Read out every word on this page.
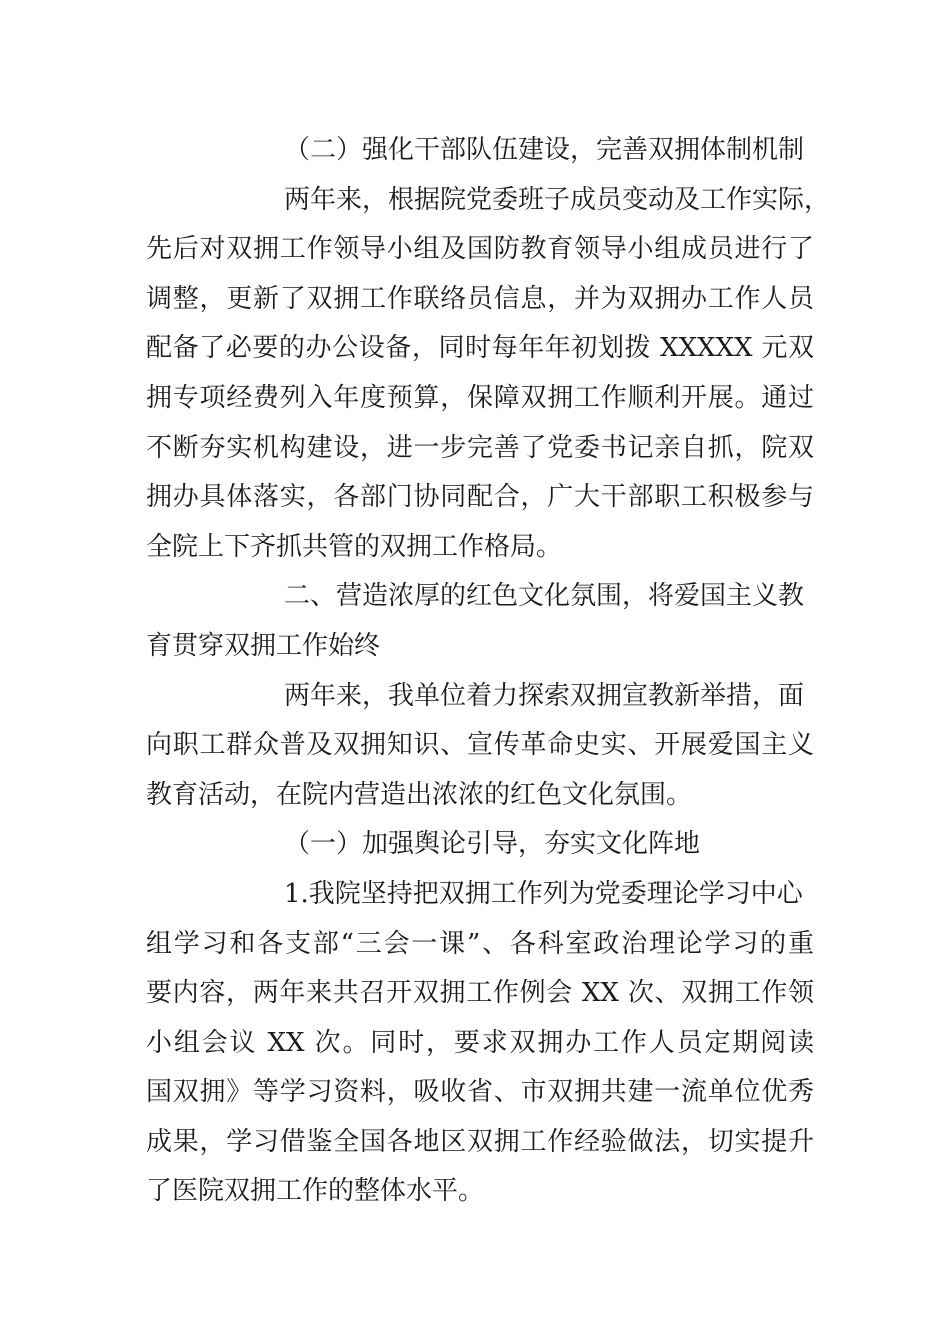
（二）强化干部队伍建设，完善双拥体制机制
两年来，根据院党委班子成员变动及工作实际，
先后对双拥工作领导小组及国防教育领导小组成员进行了
调整，更新了双拥工作联络员信息，并为双拥办工作人员
配备了必要的办公设备，同时每年年初划拨 XXXXX 元双
拥专项经费列入年度预算，保障双拥工作顺利开展。通过
不断夯实机构建设，进一步完善了党委书记亲自抓，院双
拥办具体落实，各部门协同配合，广大干部职工积极参与
全院上下齐抓共管的双拥工作格局。
二、营造浓厚的红色文化氛围，将爱国主义教
育贯穿双拥工作始终
两年来，我单位着力探索双拥宣教新举措，面
向职工群众普及双拥知识、宣传革命史实、开展爱国主义
教育活动，在院内营造出浓浓的红色文化氛围。
（一）加强舆论引导，夯实文化阵地
1.我院坚持把双拥工作列为党委理论学习中心
组学习和各支部“三会一课”、各科室政治理论学习的重
要内容，两年来共召开双拥工作例会 XX 次、双拥工作领
小组会议 XX 次。同时，要求双拥办工作人员定期阅读
国双拥》等学习资料，吸收省、市双拥共建一流单位优秀
成果，学习借鉴全国各地区双拥工作经验做法，切实提升
了医院双拥工作的整体水平。
